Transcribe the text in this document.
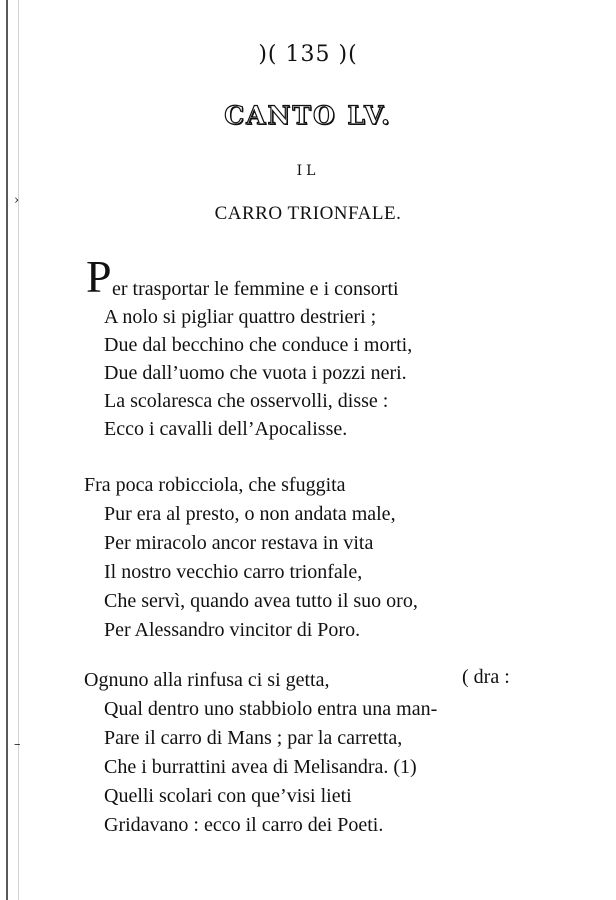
›
–
)( 135 )(
CANTO LV.
IL
CARRO TRIONFALE.
P er trasportar le femmine e i consorti
A nolo si pigliar quattro destrieri ;
Due dal becchino che conduce i morti,
Due dall’uomo che vuota i pozzi neri.
La scolaresca che osservolli, disse :
Ecco i cavalli dell’Apocalisse.
Fra poca robicciola, che sfuggita
Pur era al presto, o non andata male,
Per miracolo ancor restava in vita
Il nostro vecchio carro trionfale,
Che servì, quando avea tutto il suo oro,
Per Alessandro vincitor di Poro.
Ognuno alla rinfusa ci si getta,
Qual dentro uno stabbiolo entra una man-
Pare il carro di Mans ; par la carretta,
Che i burrattini avea di Melisandra. (1)
Quelli scolari con que’visi lieti
Gridavano : ecco il carro dei Poeti.
( dra :
